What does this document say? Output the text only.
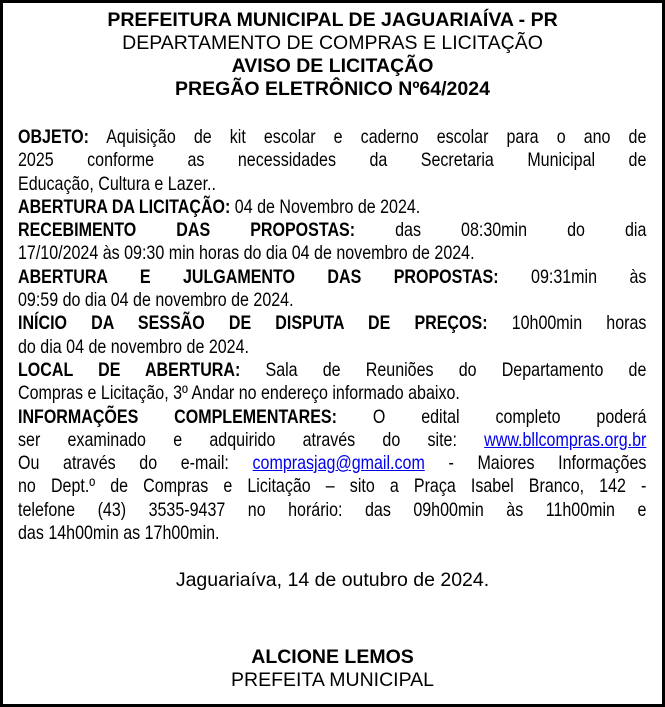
PREFEITURA MUNICIPAL DE JAGUARIAÍVA - PR
DEPARTAMENTO DE COMPRAS E LICITAÇÃO
AVISO DE LICITAÇÃO
PREGÃO ELETRÔNICO Nº64/2024
OBJETO: Aquisição de kit escolar e caderno escolar para o ano de
2025 conforme as necessidades da Secretaria Municipal de
Educação, Cultura e Lazer..
ABERTURA DA LICITAÇÃO: 04 de Novembro de 2024.
RECEBIMENTO DAS PROPOSTAS: das 08:30min do dia
17/10/2024 às 09:30 min horas do dia 04 de novembro de 2024.
ABERTURA E JULGAMENTO DAS PROPOSTAS: 09:31min às
09:59 do dia 04 de novembro de 2024.
INÍCIO DA SESSÃO DE DISPUTA DE PREÇOS: 10h00min horas
do dia 04 de novembro de 2024.
LOCAL DE ABERTURA: Sala de Reuniões do Departamento de
Compras e Licitação, 3º Andar no endereço informado abaixo.
INFORMAÇÕES COMPLEMENTARES: O edital completo poderá
ser examinado e adquirido através do site: www.bllcompras.org.br
Ou através do e-mail: comprasjag@gmail.com - Maiores Informações
no Dept.º de Compras e Licitação – sito a Praça Isabel Branco, 142 -
telefone (43) 3535-9437 no horário: das 09h00min às 11h00min e
das 14h00min as 17h00min.
Jaguariaíva, 14 de outubro de 2024.
ALCIONE LEMOS
PREFEITA MUNICIPAL
